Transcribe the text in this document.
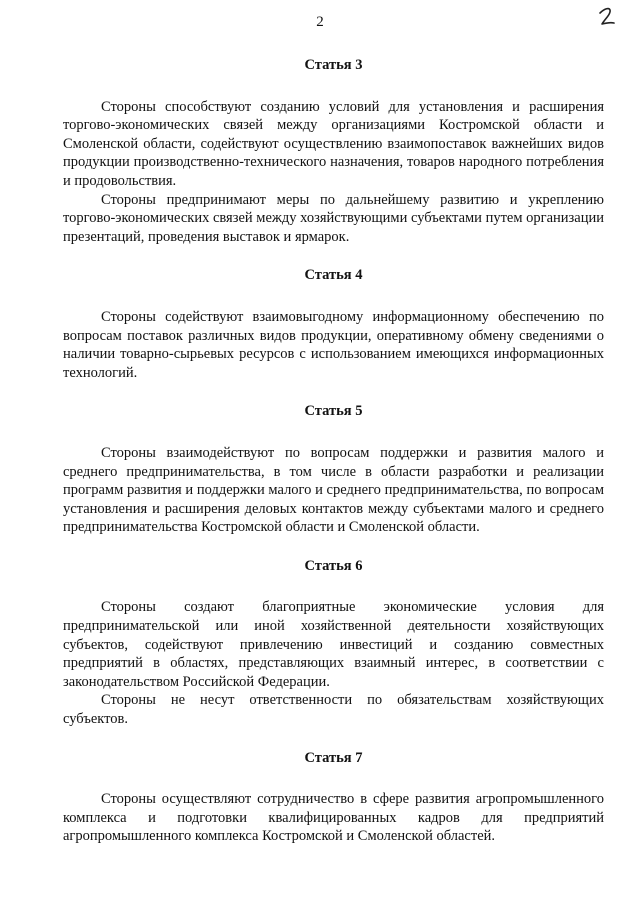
2
Статья 3

Стороны способствуют созданию условий для установления и расширения торгово-экономических связей между организациями Костромской области и Смоленской области, содействуют осуществлению взаимопоставок важнейших видов продукции производственно-технического назначения, товаров народного потребления и продовольствия.

Стороны предпринимают меры по дальнейшему развитию и укреплению торгово-экономических связей между хозяйствующими субъектами путем организации презентаций, проведения выставок и ярмарок.

Статья 4

Стороны содействуют взаимовыгодному информационному обеспечению по вопросам поставок различных видов продукции, оперативному обмену сведениями о наличии товарно-сырьевых ресурсов с использованием имеющихся информационных технологий.

Статья 5

Стороны взаимодействуют по вопросам поддержки и развития малого и среднего предпринимательства, в том числе в области разработки и реализации программ развития и поддержки малого и среднего предпринимательства, по вопросам установления и расширения деловых контактов между субъектами малого и среднего предпринимательства Костромской области и Смоленской области.

Статья 6

Стороны создают благоприятные экономические условия для предпринимательской или иной хозяйственной деятельности хозяйствующих субъектов, содействуют привлечению инвестиций и созданию совместных предприятий в областях, представляющих взаимный интерес, в соответствии с законодательством Российской Федерации.

Стороны не несут ответственности по обязательствам хозяйствующих субъектов.

Статья 7

Стороны осуществляют сотрудничество в сфере развития агропромышленного комплекса и подготовки квалифицированных кадров для предприятий агропромышленного комплекса Костромской и Смоленской областей.
